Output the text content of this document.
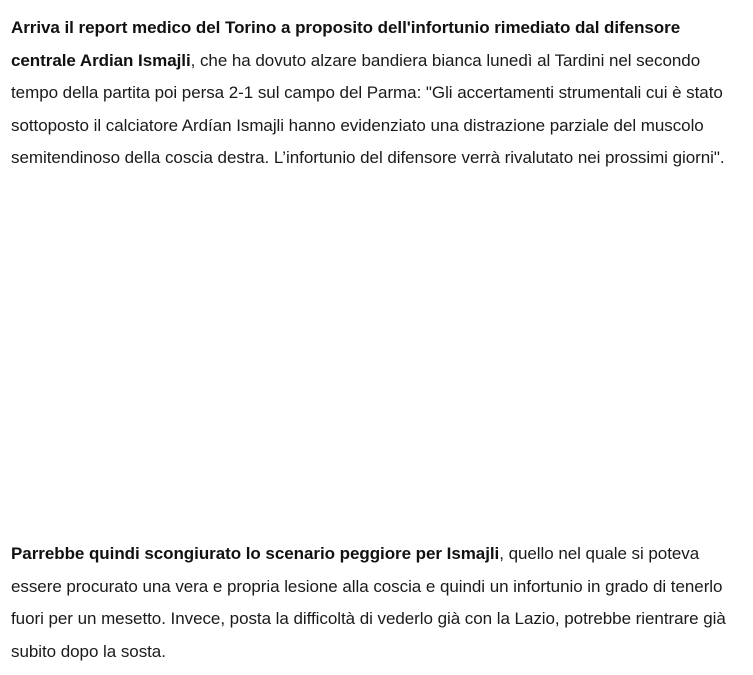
Arriva il report medico del Torino a proposito dell'infortunio rimediato dal difensore centrale Ardian Ismajli, che ha dovuto alzare bandiera bianca lunedì al Tardini nel secondo tempo della partita poi persa 2-1 sul campo del Parma: "Gli accertamenti strumentali cui è stato sottoposto il calciatore Ardían Ismajli hanno evidenziato una distrazione parziale del muscolo semitendinoso della coscia destra. L’infortunio del difensore verrà rivalutato nei prossimi giorni".

Parrebbe quindi scongiurato lo scenario peggiore per Ismajli, quello nel quale si poteva essere procurato una vera e propria lesione alla coscia e quindi un infortunio in grado di tenerlo fuori per un mesetto. Invece, posta la difficoltà di vederlo già con la Lazio, potrebbe rientrare già subito dopo la sosta.
